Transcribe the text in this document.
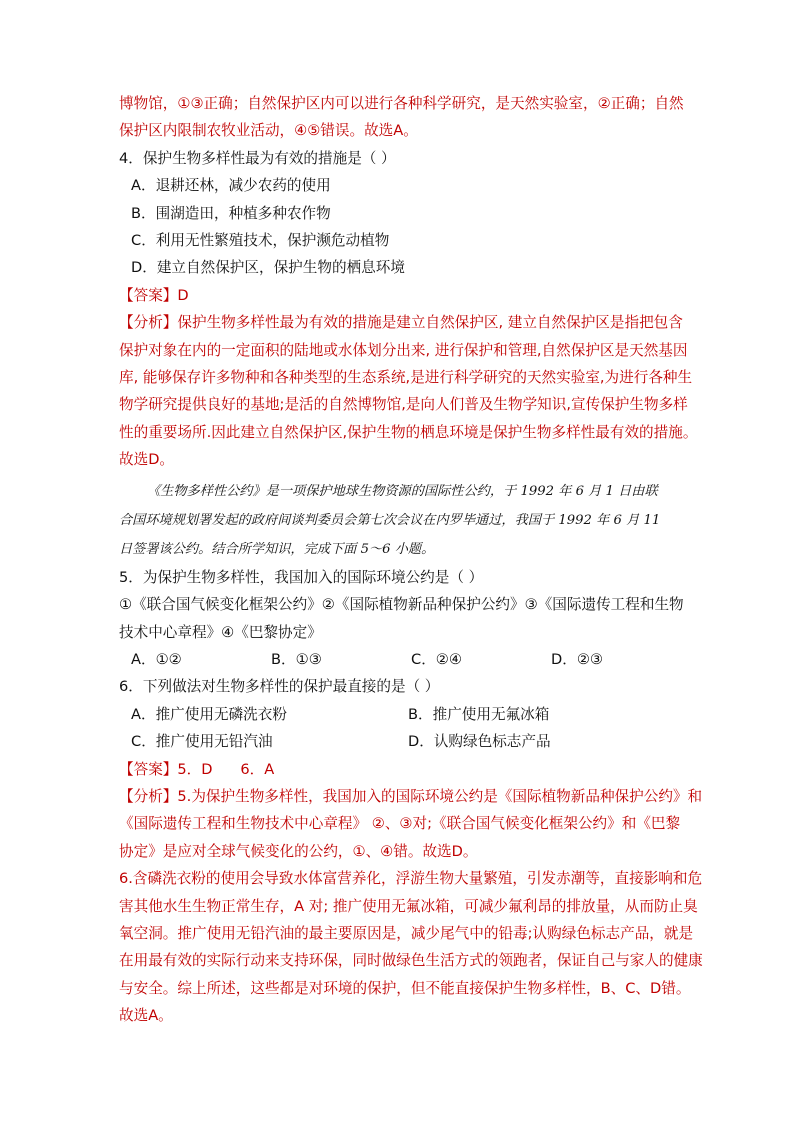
博物馆，①③正确；自然保护区内可以进行各种科学研究，是天然实验室，②正确；自然
保护区内限制农牧业活动，④⑤错误。故选A。
4．保护生物多样性最为有效的措施是（ ）
A．退耕还林，减少农药的使用
B．围湖造田，种植多种农作物
C．利用无性繁殖技术，保护濒危动植物
D．建立自然保护区，保护生物的栖息环境
【答案】D
【分析】保护生物多样性最为有效的措施是建立自然保护区, 建立自然保护区是指把包含
保护对象在内的一定面积的陆地或水体划分出来, 进行保护和管理,自然保护区是天然基因
库, 能够保存许多物种和各种类型的生态系统,是进行科学研究的天然实验室,为进行各种生
物学研究提供良好的基地;是活的自然博物馆,是向人们普及生物学知识,宣传保护生物多样
性的重要场所.因此建立自然保护区,保护生物的栖息环境是保护生物多样性最有效的措施。
故选D。
《生物多样性公约》是一项保护地球生物资源的国际性公约，于 1992 年 6 月 1 日由联
合国环境规划署发起的政府间谈判委员会第七次会议在内罗毕通过，我国于 1992 年 6 月 11
日签署该公约。结合所学知识，完成下面 5～6 小题。
5．为保护生物多样性，我国加入的国际环境公约是（ ）
①《联合国气候变化框架公约》②《国际植物新品种保护公约》③《国际遗传工程和生物
技术中心章程》④《巴黎协定》
A．①②	B．①③	C．②④	D．②③
6．下列做法对生物多样性的保护最直接的是（ ）
A．推广使用无磷洗衣粉	B．推广使用无氟冰箱
C．推广使用无铅汽油	D．认购绿色标志产品
【答案】5．D      6．A
【分析】5.为保护生物多样性，我国加入的国际环境公约是《国际植物新品种保护公约》和
《国际遗传工程和生物技术中心章程》 ②、③对;《联合国气候变化框架公约》和《巴黎
协定》是应对全球气候变化的公约，①、④错。故选D。
6.含磷洗衣粉的使用会导致水体富营养化，浮游生物大量繁殖，引发赤潮等，直接影响和危
害其他水生生物正常生存，A 对; 推广使用无氟冰箱，可减少氟利昂的排放量，从而防止臭
氧空洞。推广使用无铅汽油的最主要原因是，减少尾气中的铅毒;认购绿色标志产品，就是
在用最有效的实际行动来支持环保，同时做绿色生活方式的领跑者，保证自己与家人的健康
与安全。综上所述，这些都是对环境的保护，但不能直接保护生物多样性，B、C、D错。
故选A。
